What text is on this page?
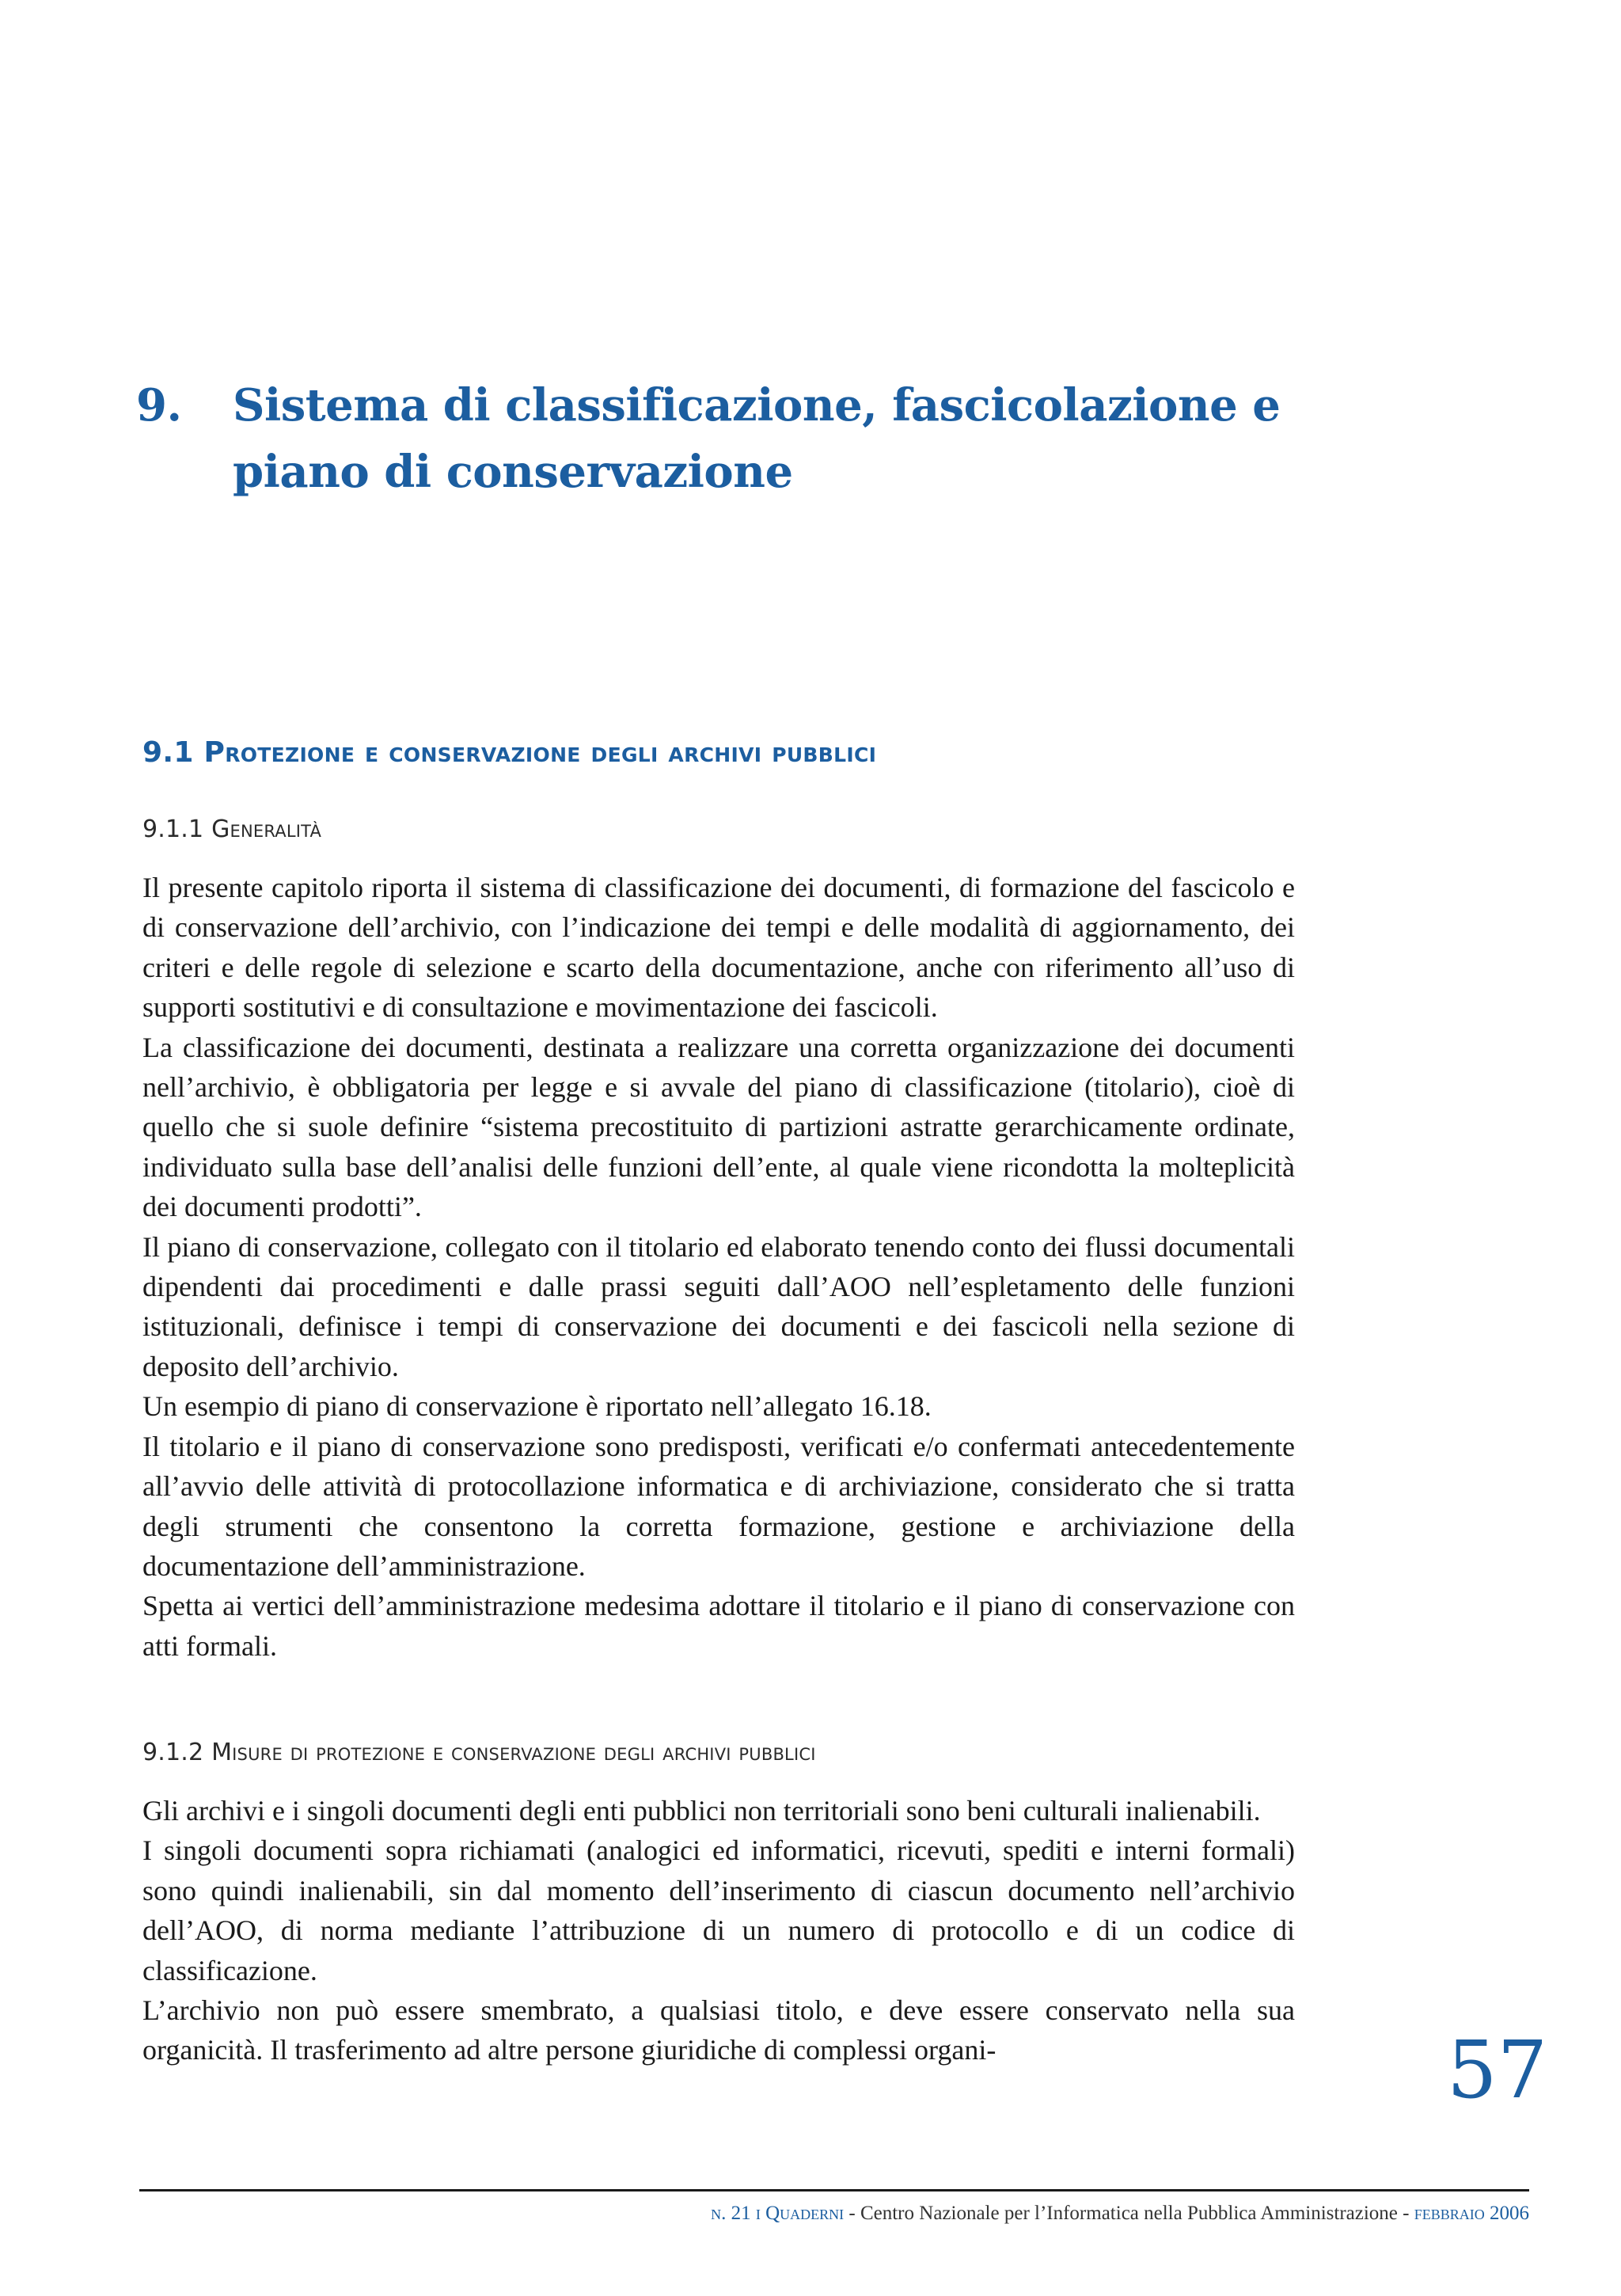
9. Sistema di classificazione, fascicolazione e piano di conservazione
9.1 Protezione e conservazione degli archivi pubblici
9.1.1 Generalità

Il presente capitolo riporta il sistema di classificazione dei documenti, di formazione del fascicolo e di conservazione dell’archivio, con l’indicazione dei tempi e delle modalità di aggiornamento, dei criteri e delle regole di selezione e scarto della documentazione, anche con riferimento all’uso di supporti sostitutivi e di consultazione e movimentazione dei fascicoli.

La classificazione dei documenti, destinata a realizzare una corretta organizzazione dei documenti nell’archivio, è obbligatoria per legge e si avvale del piano di classificazione (titolario), cioè di quello che si suole definire “sistema precostituito di partizioni astratte gerarchicamente ordinate, individuato sulla base dell’analisi delle funzioni dell’ente, al quale viene ricondotta la molteplicità dei documenti prodotti”.

Il piano di conservazione, collegato con il titolario ed elaborato tenendo conto dei flussi documentali dipendenti dai procedimenti e dalle prassi seguiti dall’AOO nell’espletamento delle funzioni istituzionali, definisce i tempi di conservazione dei documenti e dei fascicoli nella sezione di deposito dell’archivio.

Un esempio di piano di conservazione è riportato nell’allegato 16.18.

Il titolario e il piano di conservazione sono predisposti, verificati e/o confermati antecedentemente all’avvio delle attività di protocollazione informatica e di archiviazione, considerato che si tratta degli strumenti che consentono la corretta formazione, gestione e archiviazione della documentazione dell’amministrazione.

Spetta ai vertici dell’amministrazione medesima adottare il titolario e il piano di conservazione con atti formali.

9.1.2 Misure di protezione e conservazione degli archivi pubblici

Gli archivi e i singoli documenti degli enti pubblici non territoriali sono beni culturali inalienabili.

I singoli documenti sopra richiamati (analogici ed informatici, ricevuti, spediti e interni formali) sono quindi inalienabili, sin dal momento dell’inserimento di ciascun documento nell’archivio dell’AOO, di norma mediante l’attribuzione di un numero di protocollo e di un codice di classificazione.

L’archivio non può essere smembrato, a qualsiasi titolo, e deve essere conservato nella sua organicità. Il trasferimento ad altre persone giuridiche di complessi organi-	57
n. 21 i Quaderni - Centro Nazionale per l’Informatica nella Pubblica Amministrazione - febbraio 2006
